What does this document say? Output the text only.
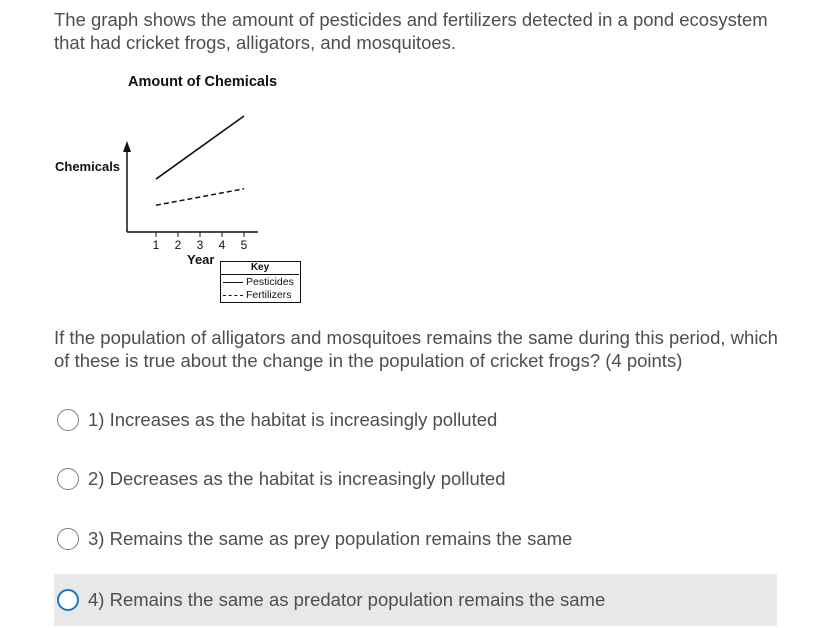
The graph shows the amount of pesticides and fertilizers detected in a pond ecosystem that had cricket frogs, alligators, and mosquitoes.
Amount of Chemicals
Chemicals
1 2 3 4 5
Year
Key
Pesticides
Fertilizers
If the population of alligators and mosquitoes remains the same during this period, which of these is true about the change in the population of cricket frogs? (4 points)
1) Increases as the habitat is increasingly polluted
2) Decreases as the habitat is increasingly polluted
3) Remains the same as prey population remains the same
4) Remains the same as predator population remains the same
